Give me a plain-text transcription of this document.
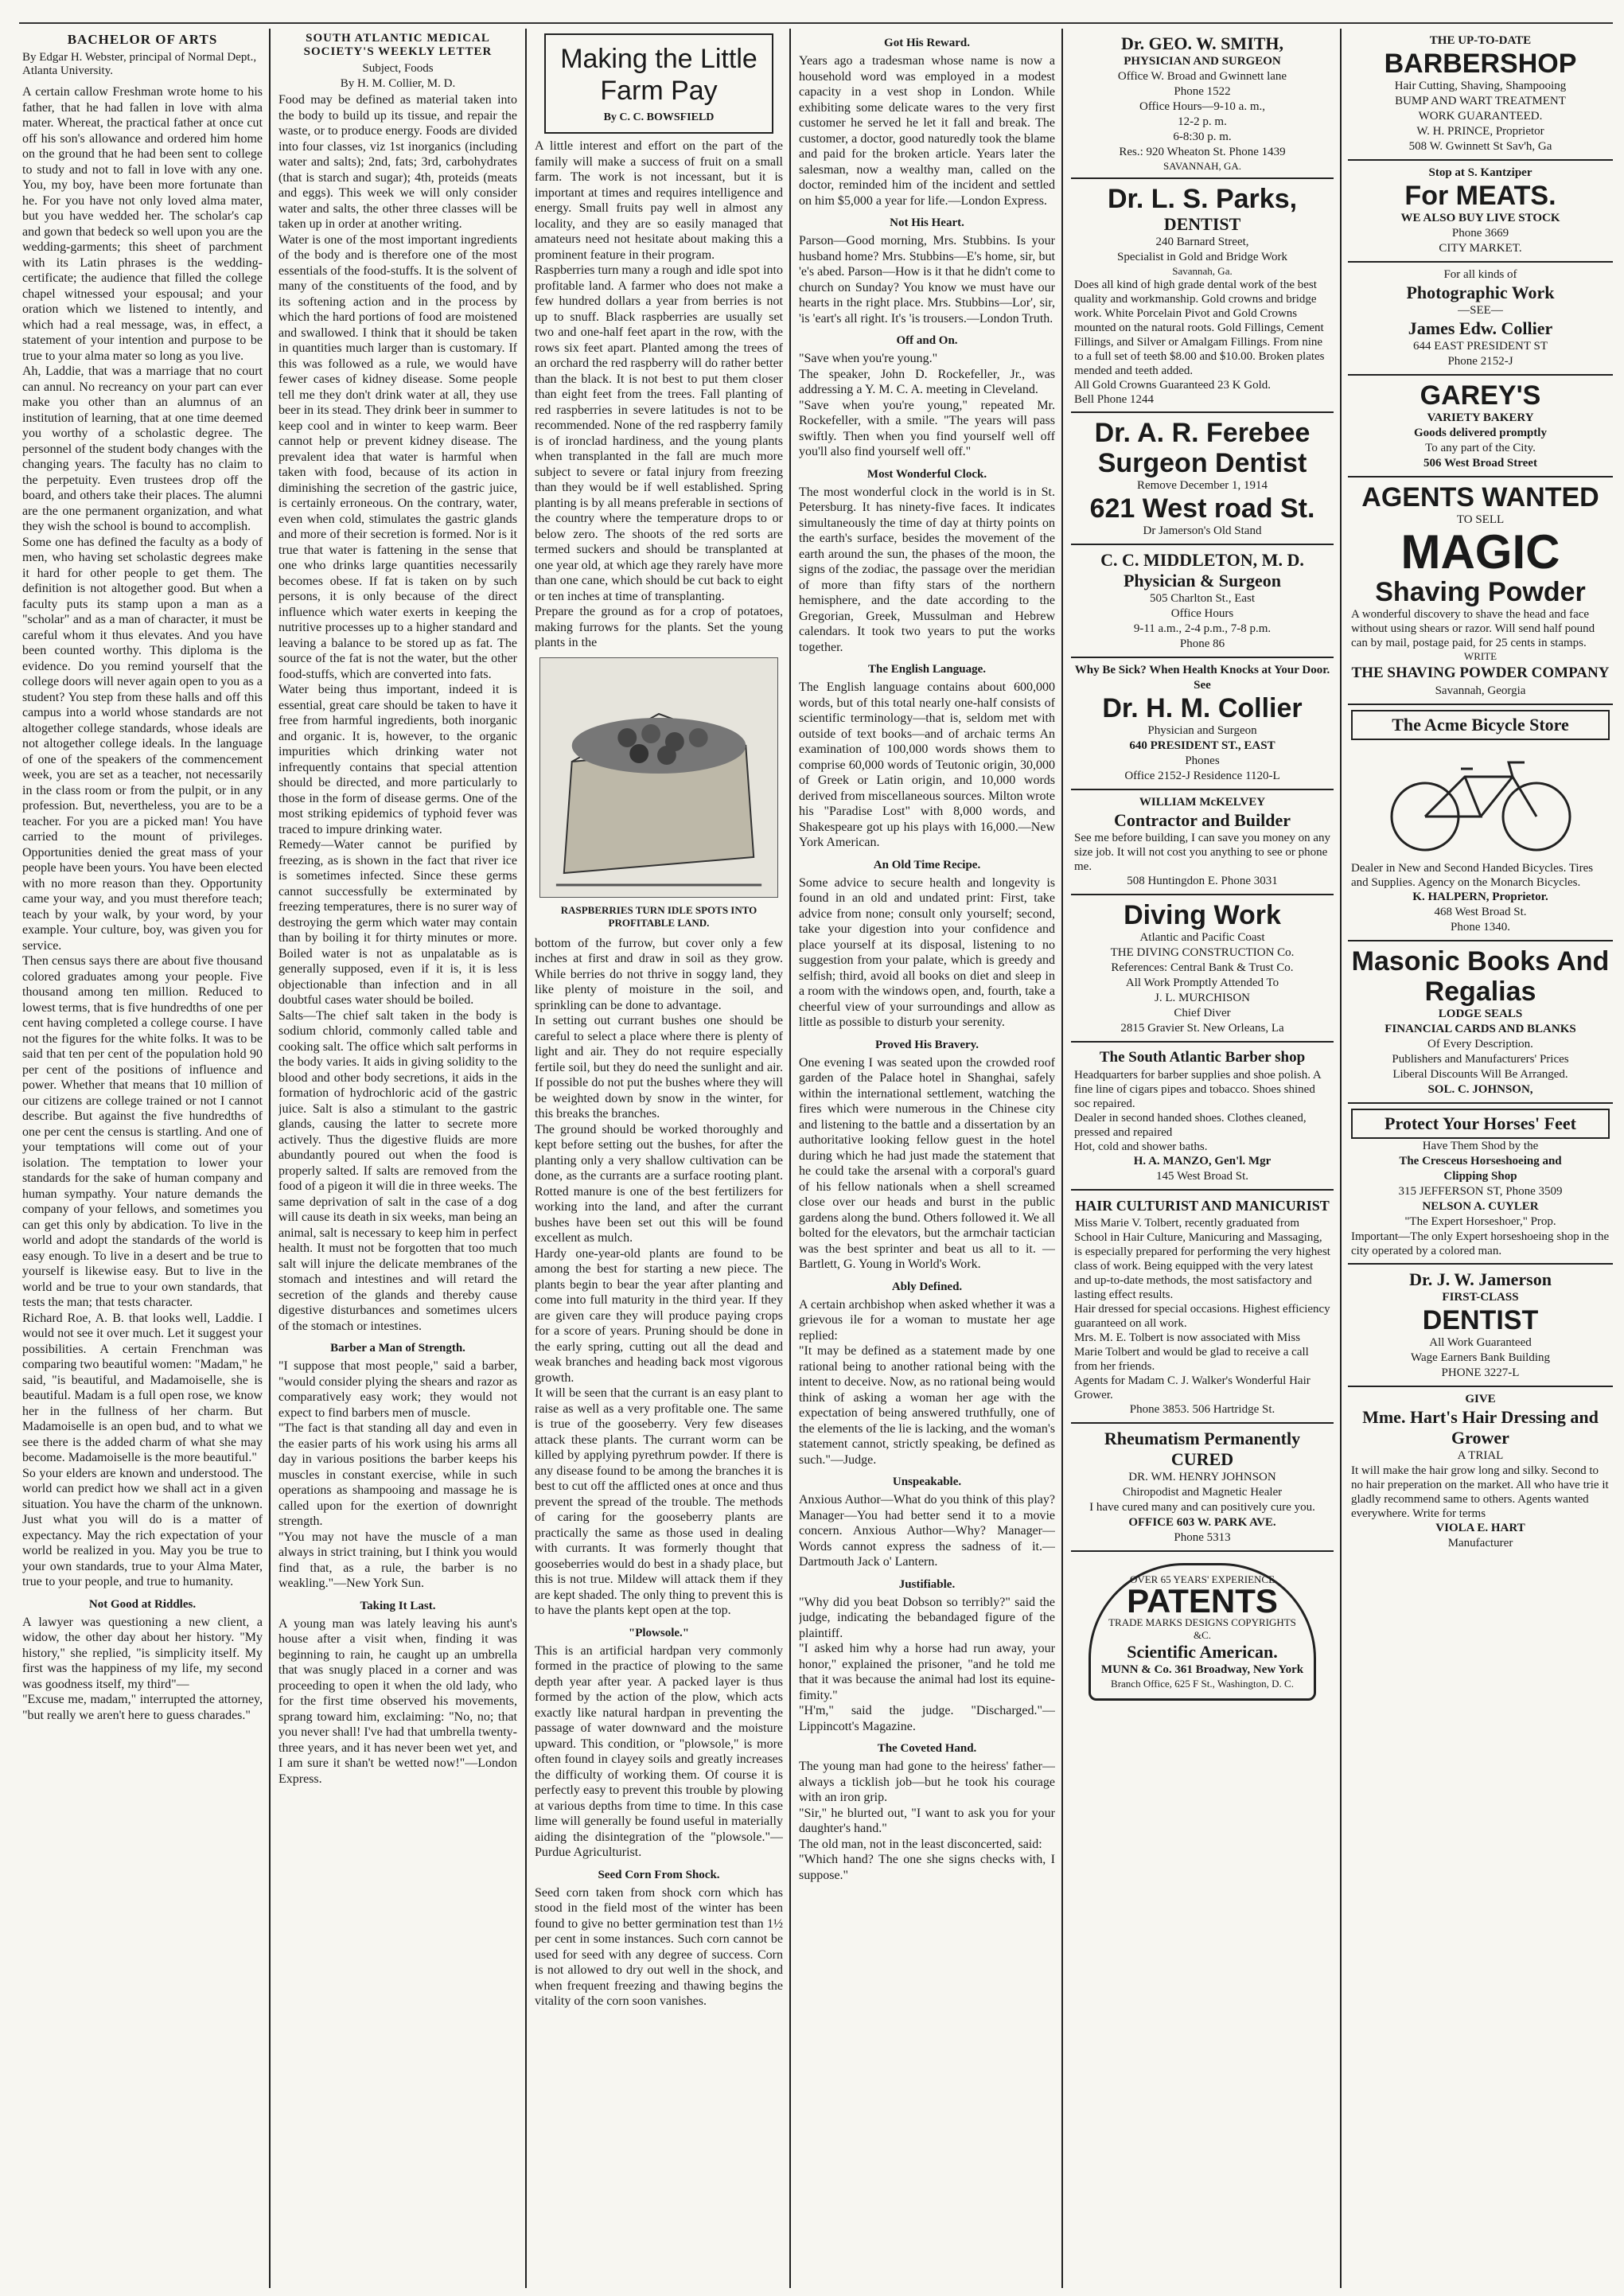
BACHELOR OF ARTS
By Edgar H. Webster, principal of Normal Dept., Atlanta University.

A certain callow Freshman wrote home to his father, that he had fallen in love with alma mater. Whereat, the practical father at once cut off his son's allowance and ordered him home on the ground that he had been sent to college to study and not to fall in love with any one. You, my boy, have been more fortunate than he. For you have not only loved alma mater, but you have wedded her. The scholar's cap and gown that bedeck so well upon you are the wedding-garments; this sheet of parchment with its Latin phrases is the wedding-certificate; the audience that filled the college chapel witnessed your espousal; and your oration which we listened to intently, and which had a real message, was, in effect, a statement of your intention and purpose to be true to your alma mater so long as you live.
Ah, Laddie, that was a marriage that no court can annul. No recreancy on your part can ever make you other than an alumnus of an institution of learning, that at one time deemed you worthy of a scholastic degree. The personnel of the student body changes with the changing years. The faculty has no claim to the perpetuity. Even trustees drop off the board, and others take their places. The alumni are the one permanent organization, and what they wish the school is bound to accomplish.
Some one has defined the faculty as a body of men, who having set scholastic degrees make it hard for other people to get them. The definition is not altogether good. But when a faculty puts its stamp upon a man as a "scholar" and as a man of character, it must be careful whom it thus elevates. And you have been counted worthy. This diploma is the evidence. Do you remind yourself that the college doors will never again open to you as a student? You step from these halls and off this campus into a world whose standards are not altogether college standards, whose ideals are not altogether college ideals. In the language of one of the speakers of the commencement week, you are set as a teacher, not necessarily in the class room or from the pulpit, or in any profession. But, nevertheless, you are to be a teacher. For you are a picked man! You have carried to the mount of privileges. Opportunities denied the great mass of your people have been yours. You have been elected with no more reason than they. Opportunity came your way, and you must therefore teach; teach by your walk, by your word, by your example. Your culture, boy, was given you for service.
Then census says there are about five thousand colored graduates among your people. Five thousand among ten million. Reduced to lowest terms, that is five hundredths of one per cent having completed a college course. I have not the figures for the white folks. It was to be said that ten per cent of the population hold 90 per cent of the positions of influence and power. Whether that means that 10 million of our citizens are college trained or not I cannot describe. But against the five hundredths of one per cent the census is startling. And one of your temptations will come out of your isolation. The temptation to lower your standards for the sake of human company and human sympathy. Your nature demands the company of your fellows, and sometimes you can get this only by abdication. To live in the world and adopt the standards of the world is easy enough. To live in a desert and be true to yourself is likewise easy. But to live in the world and be true to your own standards, that tests the man; that tests character.
Richard Roe, A. B. that looks well, Laddie. I would not see it over much. Let it suggest your possibilities. A certain Frenchman was comparing two beautiful women: "Madam," he said, "is beautiful, and Madamoiselle, she is beautiful. Madam is a full open rose, we know her in the fullness of her charm. But Madamoiselle is an open bud, and to what we see there is the added charm of what she may become. Madamoiselle is the more beautiful."
So your elders are known and understood. The world can predict how we shall act in a given situation. You have the charm of the unknown. Just what you will do is a matter of expectancy. May the rich expectation of your world be realized in you. May you be true to your own standards, true to your Alma Mater, true to your people, and true to humanity.

Not Good at Riddles.

A lawyer was questioning a new client, a widow, the other day about her history. "My history," she replied, "is simplicity itself. My first was the happiness of my life, my second was goodness itself, my third"—
"Excuse me, madam," interrupted the attorney, "but really we aren't here to guess charades."

SOUTH ATLANTIC MEDICAL SOCIETY'S WEEKLY LETTER
Subject, Foods
By H. M. Collier, M. D.

Food may be defined as material taken into the body to build up its tissue, and repair the waste, or to produce energy. Foods are divided into four classes, viz 1st inorganics (including water and salts); 2nd, fats; 3rd, carbohydrates (that is starch and sugar); 4th, proteids (meats and eggs). This week we will only consider water and salts, the other three classes will be taken up in order at another writing.
Water is one of the most important ingredients of the body and is therefore one of the most essentials of the food-stuffs. It is the solvent of many of the constituents of the food, and by its softening action and in the process by which the hard portions of food are moistened and swallowed. I think that it should be taken in quantities much larger than is customary. If this was followed as a rule, we would have fewer cases of kidney disease. Some people tell me they don't drink water at all, they use beer in its stead. They drink beer in summer to keep cool and in winter to keep warm. Beer cannot help or prevent kidney disease. The prevalent idea that water is harmful when taken with food, because of its action in diminishing the secretion of the gastric juice, is certainly erroneous. On the contrary, water, even when cold, stimulates the gastric glands and more of their secretion is formed. Nor is it true that water is fattening in the sense that one who drinks large quantities necessarily becomes obese. If fat is taken on by such persons, it is only because of the direct influence which water exerts in keeping the nutritive processes up to a higher standard and leaving a balance to be stored up as fat. The source of the fat is not the water, but the other food-stuffs, which are converted into fats.
Water being thus important, indeed it is essential, great care should be taken to have it free from harmful ingredients, both inorganic and organic. It is, however, to the organic impurities which drinking water not infrequently contains that special attention should be directed, and more particularly to those in the form of disease germs. One of the most striking epidemics of typhoid fever was traced to impure drinking water.
Remedy—Water cannot be purified by freezing, as is shown in the fact that river ice is sometimes infected. Since these germs cannot successfully be exterminated by freezing temperatures, there is no surer way of destroying the germ which water may contain than by boiling it for thirty minutes or more. Boiled water is not as unpalatable as is generally supposed, even if it is, it is less objectionable than infection and in all doubtful cases water should be boiled.
Salts—The chief salt taken in the body is sodium chlorid, commonly called table and cooking salt. The office which salt performs in the body varies. It aids in giving solidity to the blood and other body secretions, it aids in the formation of hydrochloric acid of the gastric juice. Salt is also a stimulant to the gastric glands, causing the latter to secrete more actively. Thus the digestive fluids are more abundantly poured out when the food is properly salted. If salts are removed from the food of a pigeon it will die in three weeks. The same deprivation of salt in the case of a dog will cause its death in six weeks, man being an animal, salt is necessary to keep him in perfect health. It must not be forgotten that too much salt will injure the delicate membranes of the stomach and intestines and will retard the secretion of the glands and thereby cause digestive disturbances and sometimes ulcers of the stomach or intestines.

Barber a Man of Strength.

"I suppose that most people," said a barber, "would consider plying the shears and razor as comparatively easy work; they would not expect to find barbers men of muscle.
"The fact is that standing all day and even in the easier parts of his work using his arms all day in various positions the barber keeps his muscles in constant exercise, while in such operations as shampooing and massage he is called upon for the exertion of downright strength.
"You may not have the muscle of a man always in strict training, but I think you would find that, as a rule, the barber is no weakling."—New York Sun.

Taking It Last.

A young man was lately leaving his aunt's house after a visit when, finding it was beginning to rain, he caught up an umbrella that was snugly placed in a corner and was proceeding to open it when the old lady, who for the first time observed his movements, sprang toward him, exclaiming: "No, no; that you never shall! I've had that umbrella twenty-three years, and it has never been wet yet, and I am sure it shan't be wetted now!"—London Express.

Making the Little Farm Pay
By C. C. BOWSFIELD

A little interest and effort on the part of the family will make a success of fruit on a small farm. The work is not incessant, but it is important at times and requires intelligence and energy. Small fruits pay well in almost any locality, and they are so easily managed that amateurs need not hesitate about making this a prominent feature in their program.
Raspberries turn many a rough and idle spot into profitable land. A farmer who does not make a few hundred dollars a year from berries is not up to snuff. Black raspberries are usually set two and one-half feet apart in the row, with the rows six feet apart. Planted among the trees of an orchard the red raspberry will do rather better than the black. It is not best to put them closer than eight feet from the trees. Fall planting of red raspberries in severe latitudes is not to be recommended. None of the red raspberry family is of ironclad hardiness, and the young plants when transplanted in the fall are much more subject to severe or fatal injury from freezing than they would be if well established. Spring planting is by all means preferable in sections of the country where the temperature drops to or below zero. The shoots of the red sorts are termed suckers and should be transplanted at one year old, at which age they rarely have more than one cane, which should be cut back to eight or ten inches at time of transplanting.
Prepare the ground as for a crop of potatoes, making furrows for the plants. Set the young plants in the

RASPBERRIES TURN IDLE SPOTS INTO PROFITABLE LAND.

bottom of the furrow, but cover only a few inches at first and draw in soil as they grow. While berries do not thrive in soggy land, they like plenty of moisture in the soil, and sprinkling can be done to advantage.
In setting out currant bushes one should be careful to select a place where there is plenty of light and air. They do not require especially fertile soil, but they do need the sunlight and air. If possible do not put the bushes where they will be weighted down by snow in the winter, for this breaks the branches.
The ground should be worked thoroughly and kept before setting out the bushes, for after the planting only a very shallow cultivation can be done, as the currants are a surface rooting plant. Rotted manure is one of the best fertilizers for working into the land, and after the currant bushes have been set out this will be found excellent as mulch.
Hardy one-year-old plants are found to be among the best for starting a new piece. The plants begin to bear the year after planting and come into full maturity in the third year. If they are given care they will produce paying crops for a score of years. Pruning should be done in the early spring, cutting out all the dead and weak branches and heading back most vigorous growth.
It will be seen that the currant is an easy plant to raise as well as a very profitable one. The same is true of the gooseberry. Very few diseases attack these plants. The currant worm can be killed by applying pyrethrum powder. If there is any disease found to be among the branches it is best to cut off the afflicted ones at once and thus prevent the spread of the trouble. The methods of caring for the gooseberry plants are practically the same as those used in dealing with currants. It was formerly thought that gooseberries would do best in a shady place, but this is not true. Mildew will attack them if they are kept shaded. The only thing to prevent this is to have the plants kept open at the top.

"Plowsole."

This is an artificial hardpan very commonly formed in the practice of plowing to the same depth year after year. A packed layer is thus formed by the action of the plow, which acts exactly like natural hardpan in preventing the passage of water downward and the moisture upward. This condition, or "plowsole," is more often found in clayey soils and greatly increases the difficulty of working them. Of course it is perfectly easy to prevent this trouble by plowing at various depths from time to time. In this case lime will generally be found useful in materially aiding the disintegration of the "plowsole."—Purdue Agriculturist.

Seed Corn From Shock.

Seed corn taken from shock corn which has stood in the field most of the winter has been found to give no better germination test than 1½ per cent in some instances. Such corn cannot be used for seed with any degree of success. Corn is not allowed to dry out well in the shock, and when frequent freezing and thawing begins the vitality of the corn soon vanishes.

Got His Reward.

Years ago a tradesman whose name is now a household word was employed in a modest capacity in a vest shop in London. While exhibiting some delicate wares to the very first customer he served he let it fall and break. The customer, a doctor, good naturedly took the blame and paid for the broken article. Years later the salesman, now a wealthy man, called on the doctor, reminded him of the incident and settled on him $5,000 a year for life.—London Express.

Not His Heart.

Parson—Good morning, Mrs. Stubbins. Is your husband home? Mrs. Stubbins—E's home, sir, but 'e's abed. Parson—How is it that he didn't come to church on Sunday? You know we must have our hearts in the right place. Mrs. Stubbins—Lor', sir, 'is 'eart's all right. It's 'is trousers.—London Truth.

Off and On.

"Save when you're young."
The speaker, John D. Rockefeller, Jr., was addressing a Y. M. C. A. meeting in Cleveland.
"Save when you're young," repeated Mr. Rockefeller, with a smile. "The years will pass swiftly. Then when you find yourself well off you'll also find yourself well off."

Most Wonderful Clock.

The most wonderful clock in the world is in St. Petersburg. It has ninety-five faces. It indicates simultaneously the time of day at thirty points on the earth's surface, besides the movement of the earth around the sun, the phases of the moon, the signs of the zodiac, the passage over the meridian of more than fifty stars of the northern hemisphere, and the date according to the Gregorian, Greek, Mussulman and Hebrew calendars. It took two years to put the works together.

The English Language.

The English language contains about 600,000 words, but of this total nearly one-half consists of scientific terminology—that is, seldom met with outside of text books—and of archaic terms An examination of 100,000 words shows them to comprise 60,000 words of Teutonic origin, 30,000 of Greek or Latin origin, and 10,000 words derived from miscellaneous sources. Milton wrote his "Paradise Lost" with 8,000 words, and Shakespeare got up his plays with 16,000.—New York American.

An Old Time Recipe.

Some advice to secure health and longevity is found in an old and undated print: First, take advice from none; consult only yourself; second, take your digestion into your confidence and place yourself at its disposal, listening to no suggestion from your palate, which is greedy and selfish; third, avoid all books on diet and sleep in a room with the windows open, and, fourth, take a cheerful view of your surroundings and allow as little as possible to disturb your serenity.

Proved His Bravery.

One evening I was seated upon the crowded roof garden of the Palace hotel in Shanghai, safely within the international settlement, watching the fires which were numerous in the Chinese city and listening to the battle and a dissertation by an authoritative looking fellow guest in the hotel during which he had just made the statement that he could take the arsenal with a corporal's guard of his fellow nationals when a shell screamed close over our heads and burst in the public gardens along the bund. Others followed it. We all bolted for the elevators, but the armchair tactician was the best sprinter and beat us all to it. —Bartlett, G. Young in World's Work.

Ably Defined.

A certain archbishop when asked whether it was a grievous ile for a woman to mustate her age replied:
"It may be defined as a statement made by one rational being to another rational being with the intent to deceive. Now, as no rational being would think of asking a woman her age with the expectation of being answered truthfully, one of the elements of the lie is lacking, and the woman's statement cannot, strictly speaking, be defined as such."—Judge.

Unspeakable.

Anxious Author—What do you think of this play? Manager—You had better send it to a movie concern. Anxious Author—Why? Manager—Words cannot express the sadness of it.—Dartmouth Jack o' Lantern.

Justifiable.

"Why did you beat Dobson so terribly?" said the judge, indicating the bebandaged figure of the plaintiff.
"I asked him why a horse had run away, your honor," explained the prisoner, "and he told me that it was because the animal had lost its equine-fimity."
"H'm," said the judge. "Discharged."—Lippincott's Magazine.

The Coveted Hand.

The young man had gone to the heiress' father—always a ticklish job—but he took his courage with an iron grip.
"Sir," he blurted out, "I want to ask you for your daughter's hand."
The old man, not in the least disconcerted, said:
"Which hand? The one she signs checks with, I suppose."

Dr. GEO. W. SMITH,
PHYSICIAN AND SURGEON
Office W. Broad and Gwinnett lane
Phone 1522
Office Hours—9-10 a. m.,
12-2 p. m.
6-8:30 p. m.
Res.: 920 Wheaton St. Phone 1439
SAVANNAH, GA.
Dr. L. S. Parks,
DENTIST
240 Barnard Street,
Specialist in Gold and Bridge Work
Savannah, Ga.
Does all kind of high grade dental work of the best quality and workmanship. Gold crowns and bridge work. White Porcelain Pivot and Gold Crowns mounted on the natural roots. Gold Fillings, Cement Fillings, and Silver or Amalgam Fillings. From nine to a full set of teeth $8.00 and $10.00. Broken plates mended and teeth added.
All Gold Crowns Guaranteed 23 K Gold.
Bell Phone 1244
Dr. A. R. Ferebee
Surgeon Dentist
Remove December 1, 1914
621 West road St.
Dr Jamerson's Old Stand
C. C. MIDDLETON, M. D.
Physician & Surgeon
505 Charlton St., East
Office Hours
9-11 a.m., 2-4 p.m., 7-8 p.m.
Phone 86
Why Be Sick? When Health Knocks at Your Door. See
Dr. H. M. Collier
Physician and Surgeon
640 PRESIDENT ST., EAST
Phones
Office 2152-J Residence 1120-L
WILLIAM McKELVEY
Contractor and Builder
See me before building, I can save you money on any size job. It will not cost you anything to see or phone me.
508 Huntingdon E. Phone 3031
Diving Work
Atlantic and Pacific Coast
THE DIVING CONSTRUCTION Co.
References: Central Bank & Trust Co.
All Work Promptly Attended To
J. L. MURCHISON
Chief Diver
2815 Gravier St. New Orleans, La
The South Atlantic Barber shop
Headquarters for barber supplies and shoe polish. A fine line of cigars pipes and tobacco. Shoes shined soc repaired.
Dealer in second handed shoes. Clothes cleaned, pressed and repaired
Hot, cold and shower baths.
H. A. MANZO, Gen'l. Mgr
145 West Broad St.
HAIR CULTURIST AND MANICURIST
Miss Marie V. Tolbert, recently graduated from School in Hair Culture, Manicuring and Massaging, is especially prepared for performing the very highest class of work. Being equipped with the very latest and up-to-date methods, the most satisfactory and lasting effect results.
Hair dressed for special occasions. Highest efficiency guaranteed on all work.
Mrs. M. E. Tolbert is now associated with Miss Marie Tolbert and would be glad to receive a call from her friends.
Agents for Madam C. J. Walker's Wonderful Hair Grower.
Phone 3853. 506 Hartridge St.
Rheumatism Permanently CURED
DR. WM. HENRY JOHNSON
Chiropodist and Magnetic Healer
I have cured many and can positively cure you.
OFFICE 603 W. PARK AVE.
Phone 5313
OVER 65 YEARS' EXPERIENCE
PATENTS
TRADE MARKS DESIGNS COPYRIGHTS &C.
Scientific American.
MUNN & Co. 361 Broadway, New York
Branch Office, 625 F St., Washington, D. C.
THE UP-TO-DATE
BARBERSHOP
Hair Cutting, Shaving, Shampooing
BUMP AND WART TREATMENT
WORK GUARANTEED.
W. H. PRINCE, Proprietor
508 W. Gwinnett St Sav'h, Ga
Stop at S. Kantziper
For MEATS.
WE ALSO BUY LIVE STOCK
Phone 3669
CITY MARKET.
For all kinds of
Photographic Work
—SEE—
James Edw. Collier
644 EAST PRESIDENT ST
Phone 2152-J
GAREY'S
VARIETY BAKERY
Goods delivered promptly
To any part of the City.
506 West Broad Street
AGENTS WANTED
TO SELL
MAGIC
Shaving Powder
A wonderful discovery to shave the head and face without using shears or razor. Will send half pound can by mail, postage paid, for 25 cents in stamps.
WRITE
THE SHAVING POWDER COMPANY
Savannah, Georgia
The Acme Bicycle Store
Dealer in New and Second Handed Bicycles. Tires and Supplies. Agency on the Monarch Bicycles.
K. HALPERN, Proprietor.
468 West Broad St.
Phone 1340.
Masonic Books And Regalias
LODGE SEALS
FINANCIAL CARDS AND BLANKS
Of Every Description.
Publishers and Manufacturers' Prices
Liberal Discounts Will Be Arranged.
SOL. C. JOHNSON,
Protect Your Horses' Feet
Have Them Shod by the
The Cresceus Horseshoeing and
Clipping Shop
315 JEFFERSON ST, Phone 3509
NELSON A. CUYLER
"The Expert Horseshoer," Prop.
Important—The only Expert horseshoeing shop in the city operated by a colored man.
Dr. J. W. Jamerson
FIRST-CLASS
DENTIST
All Work Guaranteed
Wage Earners Bank Building
PHONE 3227-L
GIVE
Mme. Hart's Hair Dressing and Grower
A TRIAL
It will make the hair grow long and silky. Second to no hair preperation on the market. All who have trie it gladly recommend same to others. Agents wanted everywhere. Write for terms
VIOLA E. HART
Manufacturer
